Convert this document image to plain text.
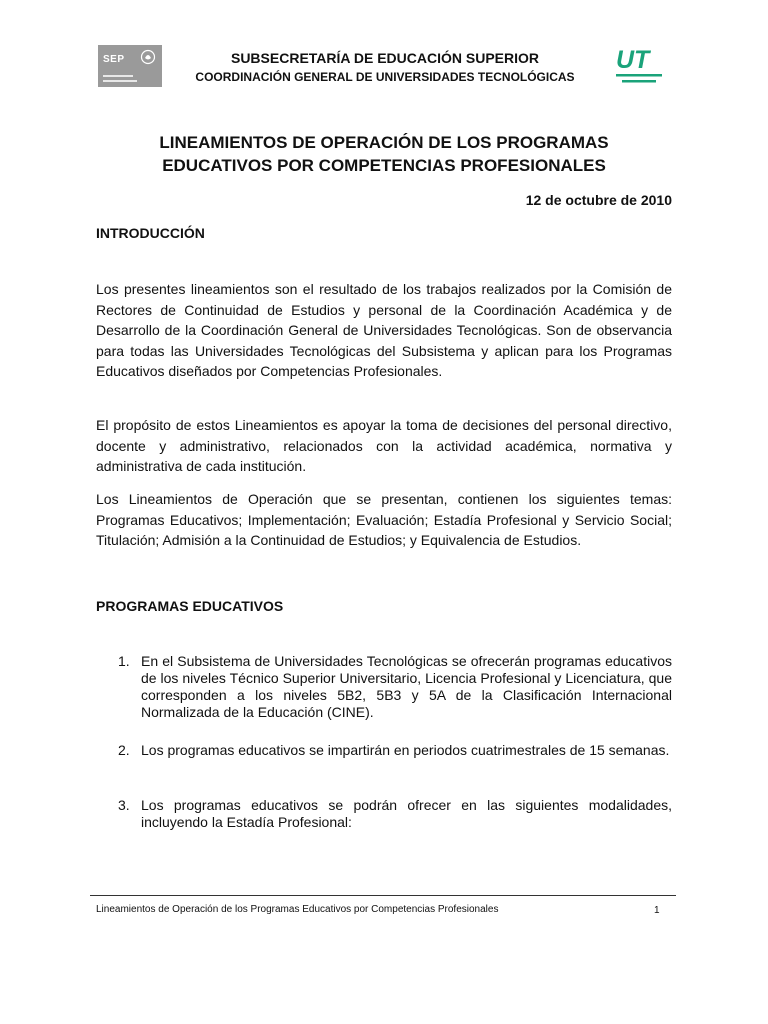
SEP	SUBSECRETARÍA DE EDUCACIÓN SUPERIOR
COORDINACIÓN GENERAL DE UNIVERSIDADES TECNOLÓGICAS
UT
LINEAMIENTOS DE OPERACIÓN DE LOS PROGRAMAS
EDUCATIVOS POR COMPETENCIAS PROFESIONALES
12 de octubre de 2010
INTRODUCCIÓN

Los presentes lineamientos son el resultado de los trabajos realizados por la Comisión de Rectores de Continuidad de Estudios y personal de la Coordinación Académica y de Desarrollo de la Coordinación General de Universidades Tecnológicas. Son de observancia para todas las Universidades Tecnológicas del Subsistema y aplican para los Programas Educativos diseñados por Competencias Profesionales.

El propósito de estos Lineamientos es apoyar la toma de decisiones del personal directivo, docente y administrativo, relacionados con la actividad académica, normativa y administrativa de cada institución.

Los Lineamientos de Operación que se presentan, contienen los siguientes temas: Programas Educativos; Implementación; Evaluación; Estadía Profesional y Servicio Social; Titulación; Admisión a la Continuidad de Estudios; y Equivalencia de Estudios.

PROGRAMAS EDUCATIVOS
1. En el Subsistema de Universidades Tecnológicas se ofrecerán programas educativos de los niveles Técnico Superior Universitario, Licencia Profesional y Licenciatura, que corresponden a los niveles 5B2, 5B3 y 5A de la Clasificación Internacional Normalizada de la Educación (CINE).
2. Los programas educativos se impartirán en periodos cuatrimestrales de 15 semanas.
3. Los programas educativos se podrán ofrecer en las siguientes modalidades, incluyendo la Estadía Profesional:
Lineamientos de Operación de los Programas Educativos por Competencias Profesionales	1
